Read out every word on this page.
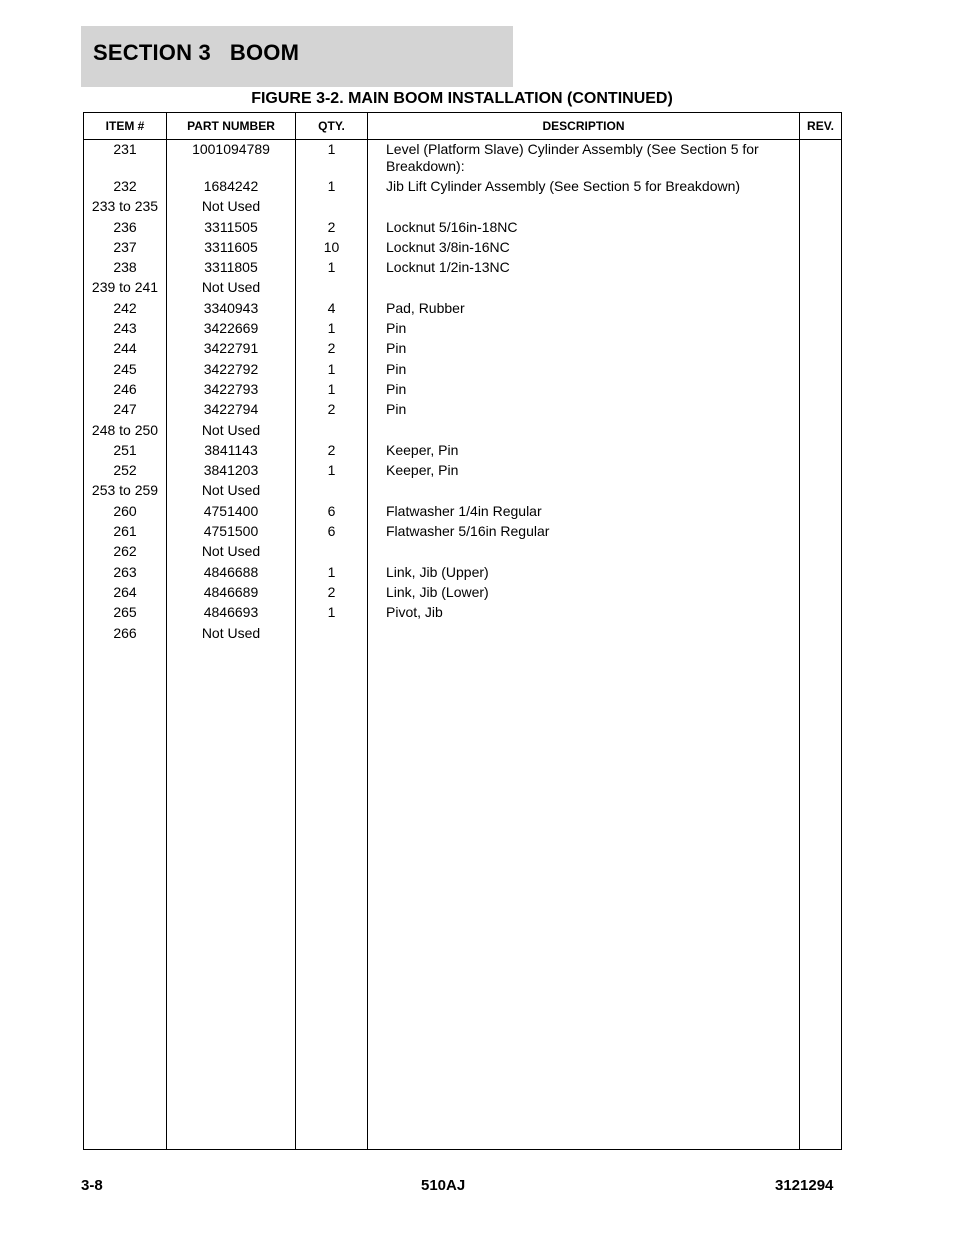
SECTION 3   BOOM
FIGURE 3-2. MAIN BOOM INSTALLATION (CONTINUED)
ITEM #	PART NUMBER	QTY.	DESCRIPTION	REV.
231	1001094789	1	Level (Platform Slave) Cylinder Assembly (See Section 5 for Breakdown):
232	1684242	1	Jib Lift Cylinder Assembly (See Section 5 for Breakdown)
233 to 235	Not Used
236	3311505	2	Locknut 5/16in-18NC
237	3311605	10	Locknut 3/8in-16NC
238	3311805	1	Locknut 1/2in-13NC
239 to 241	Not Used
242	3340943	4	Pad, Rubber
243	3422669	1	Pin
244	3422791	2	Pin
245	3422792	1	Pin
246	3422793	1	Pin
247	3422794	2	Pin
248 to 250	Not Used
251	3841143	2	Keeper, Pin
252	3841203	1	Keeper, Pin
253 to 259	Not Used
260	4751400	6	Flatwasher 1/4in Regular
261	4751500	6	Flatwasher 5/16in Regular
262	Not Used
263	4846688	1	Link, Jib (Upper)
264	4846689	2	Link, Jib (Lower)
265	4846693	1	Pivot, Jib
266	Not Used
3-8	510AJ	3121294
